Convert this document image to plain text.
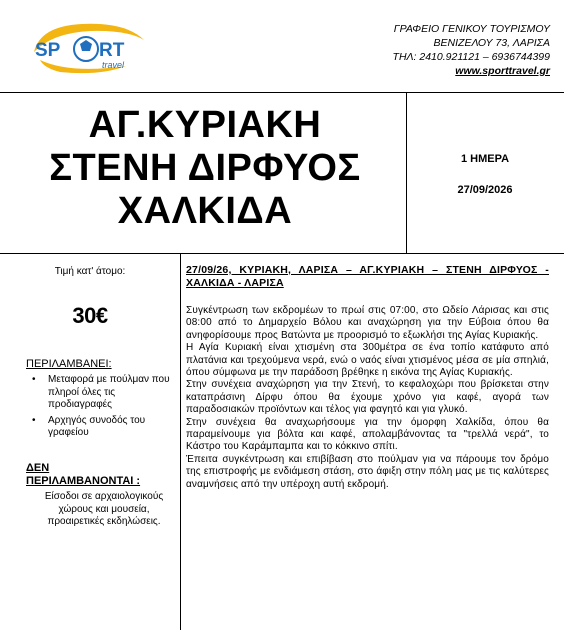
SP RT
travel
ΓΡΑΦΕΙΟ ΓΕΝΙΚΟΥ ΤΟΥΡΙΣΜΟΥ
ΒΕΝΙΖΕΛΟΥ 73, ΛΑΡΙΣΑ
ΤΗΛ: 2410.921121 – 6936744399
www.sporttravel.gr
ΑΓ.ΚΥΡΙΑΚΗ
ΣΤΕΝΗ ΔΙΡΦΥΟΣ
ΧΑΛΚΙΔΑ
1 ΗΜΕΡΑ
27/09/2026
Τιμή κατ' άτομο:
30€
ΠΕΡΙΛΑΜΒΑΝΕΙ:
• Μεταφορά με πούλμαν που πληροί όλες τις προδιαγραφές
• Αρχηγός συνοδός του γραφείου
ΔΕΝ
ΠΕΡΙΛΑΜΒΑΝΟΝΤΑΙ :
Είσοδοι σε αρχαιολογικούς χώρους και μουσεία, προαιρετικές εκδηλώσεις.
27/09/26, ΚΥΡΙΑΚΗ, ΛΑΡΙΣΑ – ΑΓ.ΚΥΡΙΑΚΗ – ΣΤΕΝΗ ΔΙΡΦΥΟΣ - ΧΑΛΚΙΔΑ - ΛΑΡΙΣΑ

Συγκέντρωση των εκδρομέων το πρωί στις 07:00, στο Ωδείο Λάρισας και στις 08:00 από το Δημαρχείο Βόλου και αναχώρηση για την Εύβοια όπου θα ανηφορίσουμε προς Βατώντα με προορισμό το εξωκλήσι της Αγίας Κυριακής.

Η Αγία Κυριακή είναι χτισμένη στα 300μέτρα σε ένα τοπίο κατάφυτο από πλατάνια και τρεχούμενα νερά, ενώ ο ναός είναι χτισμένος μέσα σε μία σπηλιά, όπου σύμφωνα με την παράδοση βρέθηκε η εικόνα της Αγίας Κυριακής.

Στην συνέχεια αναχώρηση για την Στενή, το κεφαλοχώρι που βρίσκεται στην καταπράσινη Δίρφυ όπου θα έχουμε χρόνο για καφέ, αγορά των παραδοσιακών προϊόντων και τέλος για φαγητό και για γλυκό.

Στην συνέχεια θα αναχωρήσουμε για την όμορφη Χαλκίδα, όπου θα παραμείνουμε για βόλτα και καφέ, απολαμβάνοντας τα "τρελλά νερά", το Κάστρο του Καράμπαμπα και το κόκκινο σπίτι.

Έπειτα συγκέντρωση και επιβίβαση στο πούλμαν για να πάρουμε τον δρόμο της επιστροφής με ενδιάμεση στάση, στο άφιξη στην πόλη μας με τις καλύτερες αναμνήσεις από την υπέροχη αυτή εκδρομή.
